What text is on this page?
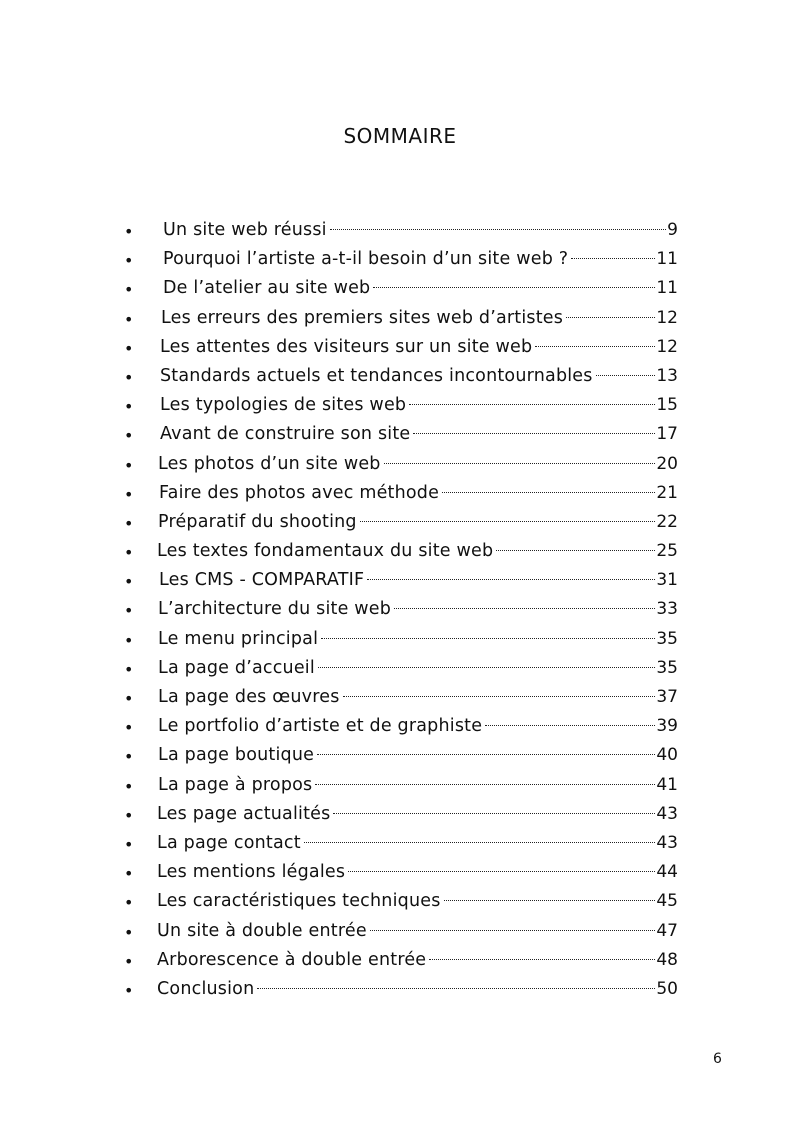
SOMMAIRE
• Un site web réussi	9
• Pourquoi l’artiste a-t-il besoin d’un site web ?	11
• De l’atelier au site web	11
• Les erreurs des premiers sites web d’artistes	12
• Les attentes des visiteurs sur un site web	12
• Standards actuels et tendances incontournables	13
• Les typologies de sites web	15
• Avant de construire son site	17
• Les photos d’un site web	20
• Faire des photos avec méthode	21
• Préparatif du shooting	22
• Les textes fondamentaux du site web	25
• Les CMS - COMPARATIF	31
• L’architecture du site web	33
• Le menu principal	35
• La page d’accueil	35
• La page des œuvres	37
• Le portfolio d’artiste et de graphiste	39
• La page boutique	40
• La page à propos	41
• Les page actualités	43
• La page contact	43
• Les mentions légales	44
• Les caractéristiques techniques	45
• Un site à double entrée	47
• Arborescence à double entrée	48
• Conclusion	50
6
